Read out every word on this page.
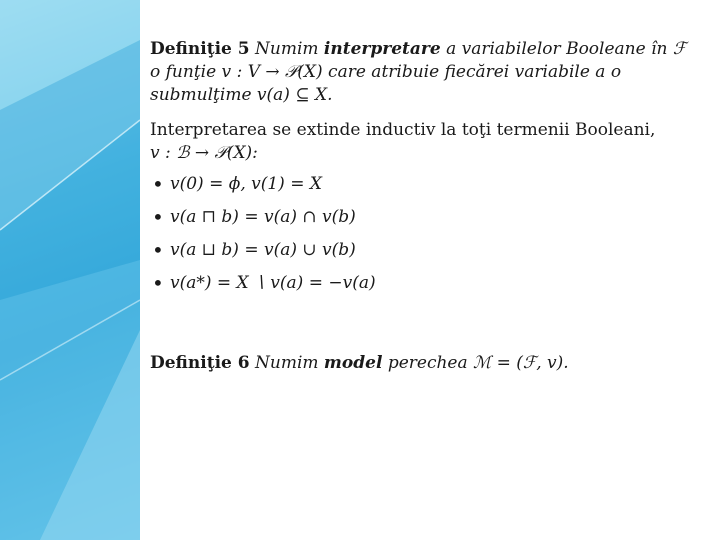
Definiţie 5 Numim interpretare a variabilelor Booleane în ℱ o funţie v : V → 𝒫(X) care atribuie fiecărei variabile a o submulţime v(a) ⊆ X.

Interpretarea se extinde inductiv la toţi termenii Booleani,
v : ℬ → 𝒫(X):

• v(0) = ϕ, v(1) = X
• v(a ⊓ b) = v(a) ∩ v(b)
• v(a ⊔ b) = v(a) ∪ v(b)
• v(a*) = X ∖ v(a) = −v(a)

Definiţie 6 Numim model perechea ℳ = (ℱ, v).
